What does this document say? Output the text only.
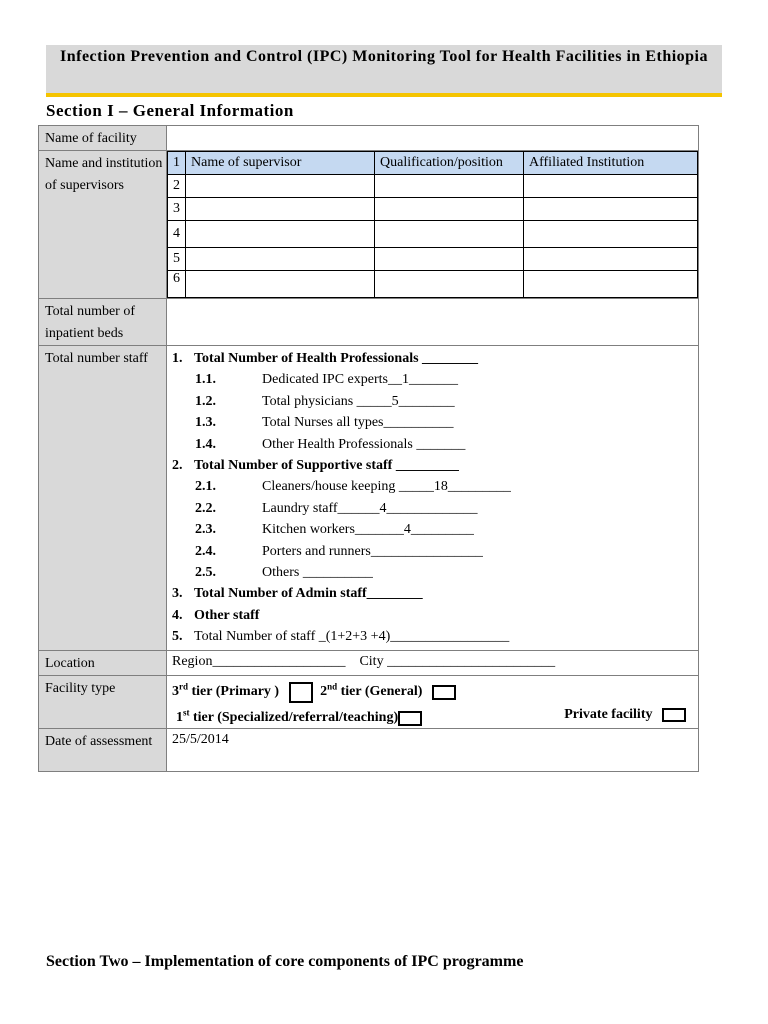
Infection Prevention and Control (IPC) Monitoring Tool for Health Facilities in Ethiopia
Section I – General Information
Name of facility	
Name and institution of supervisors	
1	Name of supervisor	Qualification/position	Affiliated Institution
2			
3			
4			
5			
6			

Total number of inpatient beds	
Total number staff	1. Total Number of Health Professionals ________
1.1.	Dedicated IPC experts__1_______
1.2.	Total physicians _____5________
1.3.	Total Nurses all types__________
1.4.	Other Health Professionals _______
2. Total Number of Supportive staff _________
2.1.	Cleaners/house keeping _____18_________
2.2.	Laundry staff______4_____________
2.3.	Kitchen workers_______4_________
2.4.	Porters and runners________________
2.5.	Others __________
3. Total Number of Admin staff________
4. Other staff
5. Total Number of staff _(1+2+3 +4)_________________

Location	Region___________________ City ________________________
Facility type	3rd tier (Primary )	2nd tier (General)
1st tier (Specialized/referral/teaching)	Private facility

Date of assessment	25/5/2014
Section Two – Implementation of core components of IPC programme
